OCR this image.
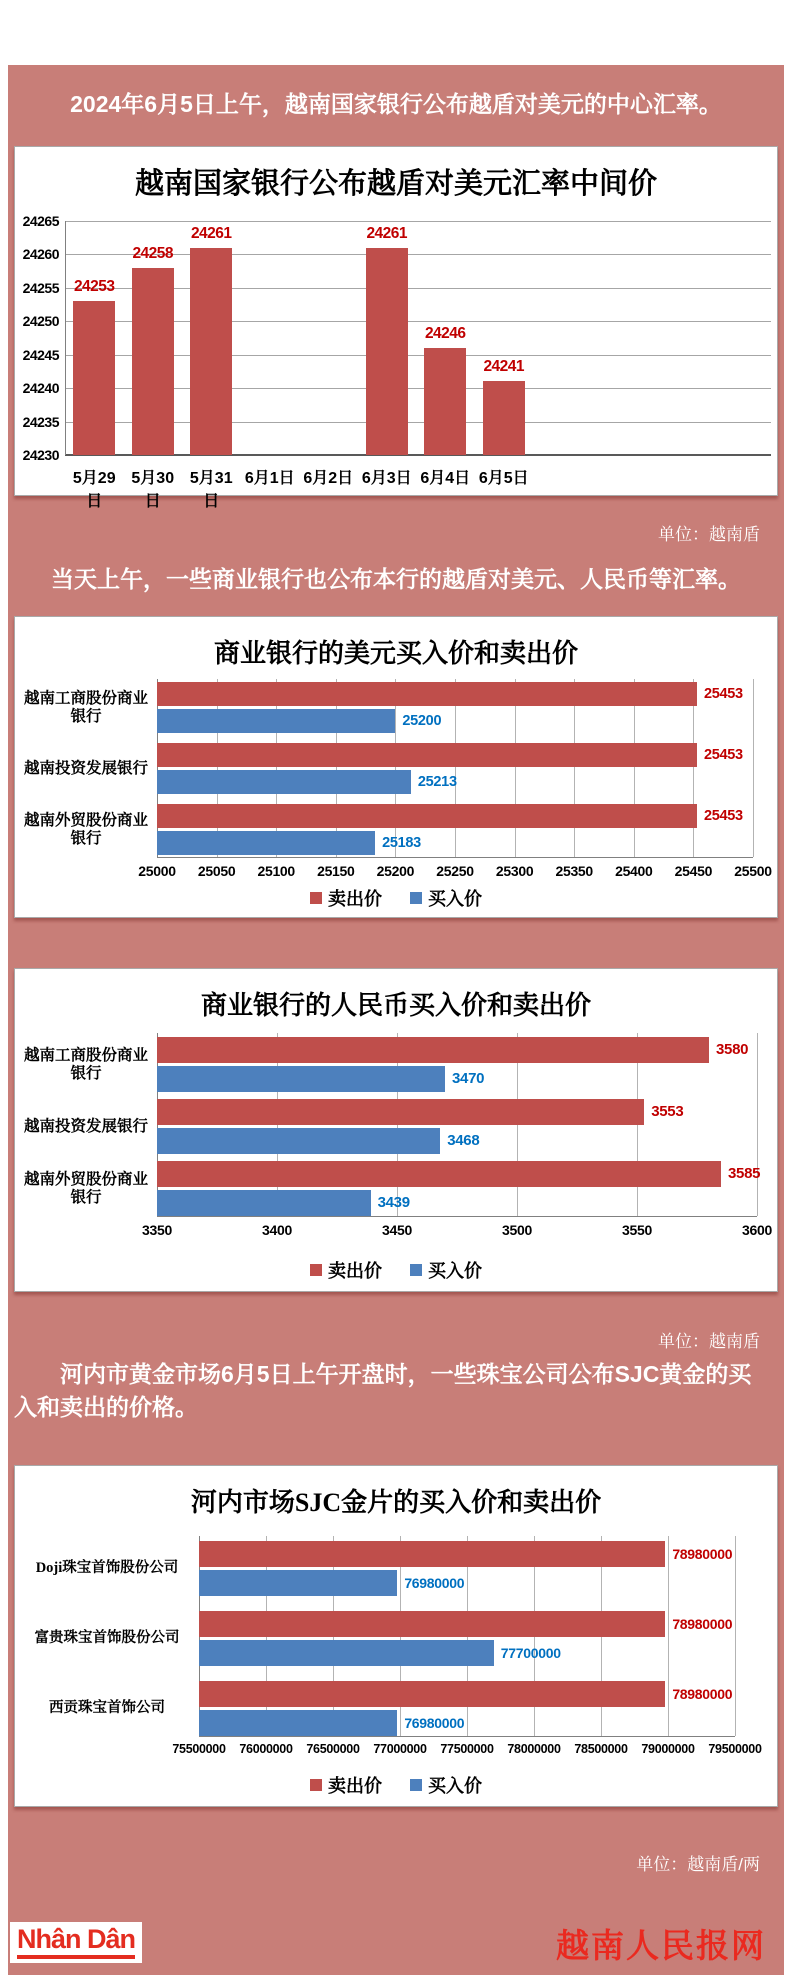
2024年6月5日上午，越南国家银行公布越盾对美元的中心汇率。
越南国家银行公布越盾对美元汇率中间价
24230
24235
24240
24245
24250
24255
24260
24265
5月29日
24253
5月30日
24258
5月31日
24261
6月1日 6月2日 6月3日
24261
6月4日
24246
6月5日
24241
单位：越南盾
当天上午，一些商业银行也公布本行的越盾对美元、人民币等汇率。
商业银行的美元买入价和卖出价
25000	25050	25100	25150	25200	25250	25300	25350	25400	25450	25500
越南工商股份商业银行
25453
25200
越南投资发展银行
25453
25213
越南外贸股份商业银行
25453
25183
卖出价	买入价
商业银行的人民币买入价和卖出价
3350	3400	3450	3500	3550	3600
越南工商股份商业银行
3580
3470
越南投资发展银行
3553
3468
越南外贸股份商业银行
3585
3439
卖出价	买入价
单位：越南盾
河内市黄金市场6月5日上午开盘时，一些珠宝公司公布SJC黄金的买入和卖出的价格。
河内市场SJC金片的买入价和卖出价
75500000	76000000	76500000	77000000	77500000	78000000	78500000	79000000	79500000
Doji珠宝首饰股份公司
78980000
76980000
富贵珠宝首饰股份公司
78980000
77700000
西贡珠宝首饰公司
78980000
76980000
卖出价	买入价
单位：越南盾/两
Nhân Dân	越南人民报网
